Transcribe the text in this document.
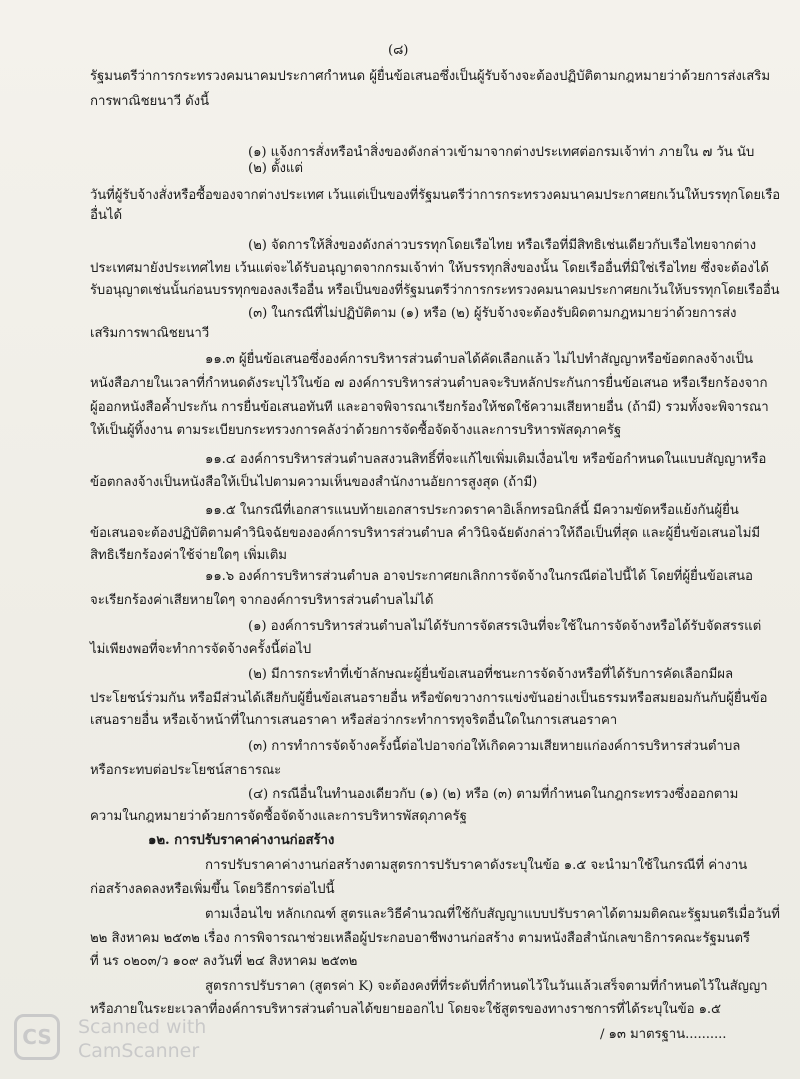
(๘)
รัฐมนตรีว่าการกระทรวงคมนาคมประกาศกำหนด ผู้ยื่นข้อเสนอซึ่งเป็นผู้รับจ้างจะต้องปฏิบัติตามกฎหมายว่าด้วยการส่งเสริม
การพาณิชยนาวี ดังนี้
(๑) แจ้งการสั่งหรือนำสิ่งของดังกล่าวเข้ามาจากต่างประเทศต่อกรมเจ้าท่า ภายใน ๗ วัน นับ
(๒) ตั้งแต่
วันที่ผู้รับจ้างสั่งหรือซื้อของจากต่างประเทศ เว้นแต่เป็นของที่รัฐมนตรีว่าการกระทรวงคมนาคมประกาศยกเว้นให้บรรทุกโดยเรือ
อื่นได้
(๒) จัดการให้สิ่งของดังกล่าวบรรทุกโดยเรือไทย หรือเรือที่มีสิทธิเช่นเดียวกับเรือไทยจากต่าง
ประเทศมายังประเทศไทย เว้นแต่จะได้รับอนุญาตจากกรมเจ้าท่า ให้บรรทุกสิ่งของนั้น โดยเรืออื่นที่มิใช่เรือไทย ซึ่งจะต้องได้
รับอนุญาตเช่นนั้นก่อนบรรทุกของลงเรืออื่น หรือเป็นของที่รัฐมนตรีว่าการกระทรวงคมนาคมประกาศยกเว้นให้บรรทุกโดยเรืออื่น
(๓) ในกรณีที่ไม่ปฏิบัติตาม (๑) หรือ (๒) ผู้รับจ้างจะต้องรับผิดตามกฎหมายว่าด้วยการส่ง
เสริมการพาณิชยนาวี
๑๑.๓ ผู้ยื่นข้อเสนอซึ่งองค์การบริหารส่วนตำบลได้คัดเลือกแล้ว ไม่ไปทำสัญญาหรือข้อตกลงจ้างเป็น
หนังสือภายในเวลาที่กำหนดดังระบุไว้ในข้อ ๗ องค์การบริหารส่วนตำบลจะริบหลักประกันการยื่นข้อเสนอ หรือเรียกร้องจาก
ผู้ออกหนังสือค้ำประกัน การยื่นข้อเสนอทันที และอาจพิจารณาเรียกร้องให้ชดใช้ความเสียหายอื่น (ถ้ามี) รวมทั้งจะพิจารณา
ให้เป็นผู้ทิ้งงาน ตามระเบียบกระทรวงการคลังว่าด้วยการจัดซื้อจัดจ้างและการบริหารพัสดุภาครัฐ
๑๑.๔ องค์การบริหารส่วนตำบลสงวนสิทธิ์ที่จะแก้ไขเพิ่มเติมเงื่อนไข หรือข้อกำหนดในแบบสัญญาหรือ
ข้อตกลงจ้างเป็นหนังสือให้เป็นไปตามความเห็นของสำนักงานอัยการสูงสุด (ถ้ามี)
๑๑.๕ ในกรณีที่เอกสารแนบท้ายเอกสารประกวดราคาอิเล็กทรอนิกส์นี้ มีความขัดหรือแย้งกันผู้ยื่น
ข้อเสนอจะต้องปฏิบัติตามคำวินิจฉัยขององค์การบริหารส่วนตำบล คำวินิจฉัยดังกล่าวให้ถือเป็นที่สุด และผู้ยื่นข้อเสนอไม่มี
สิทธิเรียกร้องค่าใช้จ่ายใดๆ เพิ่มเติม
๑๑.๖ องค์การบริหารส่วนตำบล อาจประกาศยกเลิกการจัดจ้างในกรณีต่อไปนี้ได้ โดยที่ผู้ยื่นข้อเสนอ
จะเรียกร้องค่าเสียหายใดๆ จากองค์การบริหารส่วนตำบลไม่ได้
(๑) องค์การบริหารส่วนตำบลไม่ได้รับการจัดสรรเงินที่จะใช้ในการจัดจ้างหรือได้รับจัดสรรแต่
ไม่เพียงพอที่จะทำการจัดจ้างครั้งนี้ต่อไป
(๒) มีการกระทำที่เข้าลักษณะผู้ยื่นข้อเสนอที่ชนะการจัดจ้างหรือที่ได้รับการคัดเลือกมีผล
ประโยชน์ร่วมกัน หรือมีส่วนได้เสียกับผู้ยื่นข้อเสนอรายอื่น หรือขัดขวางการแข่งขันอย่างเป็นธรรมหรือสมยอมกันกับผู้ยื่นข้อ
เสนอรายอื่น หรือเจ้าหน้าที่ในการเสนอราคา หรือส่อว่ากระทำการทุจริตอื่นใดในการเสนอราคา
(๓) การทำการจัดจ้างครั้งนี้ต่อไปอาจก่อให้เกิดความเสียหายแก่องค์การบริหารส่วนตำบล
หรือกระทบต่อประโยชน์สาธารณะ
(๔) กรณีอื่นในทำนองเดียวกับ (๑) (๒) หรือ (๓) ตามที่กำหนดในกฎกระทรวงซึ่งออกตาม
ความในกฎหมายว่าด้วยการจัดซื้อจัดจ้างและการบริหารพัสดุภาครัฐ
๑๒. การปรับราคาค่างานก่อสร้าง
การปรับราคาค่างานก่อสร้างตามสูตรการปรับราคาดังระบุในข้อ ๑.๕ จะนำมาใช้ในกรณีที่ ค่างาน
ก่อสร้างลดลงหรือเพิ่มขึ้น โดยวิธีการต่อไปนี้
ตามเงื่อนไข หลักเกณฑ์ สูตรและวิธีคำนวณที่ใช้กับสัญญาแบบปรับราคาได้ตามมติคณะรัฐมนตรีเมื่อวันที่
๒๒ สิงหาคม ๒๕๓๒ เรื่อง การพิจารณาช่วยเหลือผู้ประกอบอาชีพงานก่อสร้าง ตามหนังสือสำนักเลขาธิการคณะรัฐมนตรี
ที่ นร ๐๒๐๓/ว ๑๐๙ ลงวันที่ ๒๔ สิงหาคม ๒๕๓๒
สูตรการปรับราคา (สูตรค่า K) จะต้องคงที่ที่ระดับที่กำหนดไว้ในวันแล้วเสร็จตามที่กำหนดไว้ในสัญญา
หรือภายในระยะเวลาที่องค์การบริหารส่วนตำบลได้ขยายออกไป โดยจะใช้สูตรของทางราชการที่ได้ระบุในข้อ ๑.๕
/ ๑๓ มาตรฐาน..........
CS	Scanned with
CamScanner
